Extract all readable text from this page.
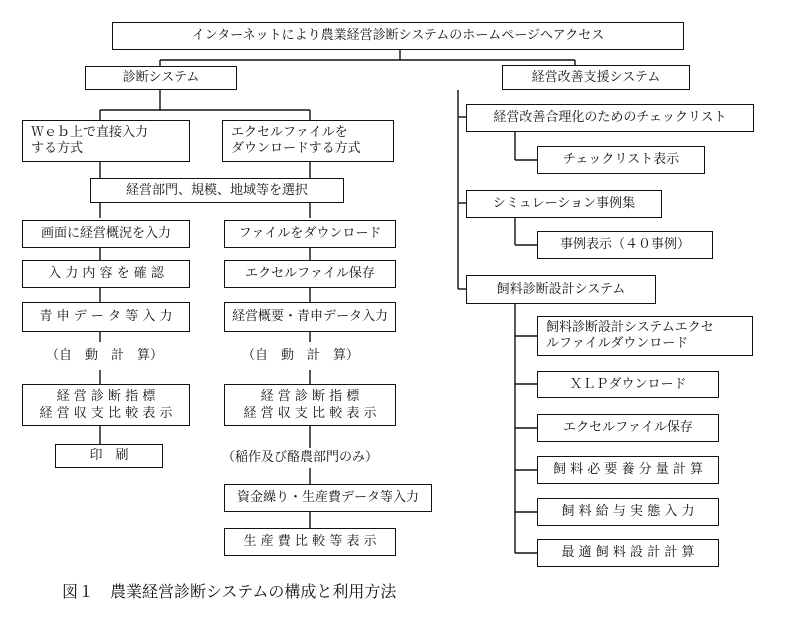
インターネットにより農業経営診断システムのホームページへアクセス
診断システム
Ｗｅｂ上で直接入力する方式
エクセルファイルを
ダウンロードする方式
経営部門、規模、地域等を選択
画面に経営概況を入力
入 力 内 容 を 確 認
青 申 デ ー タ 等 入 力
（自　動　計　算）
経 営 診 断 指 標
経 営 収 支 比 較 表 示
印　刷
ファイルをダウンロード
エクセルファイル保存
経営概要・青申データ入力
（自　動　計　算）
経 営 診 断 指 標
経 営 収 支 比 較 表 示
（稲作及び酪農部門のみ）
資金繰り・生産費データ等入力
生 産 費 比 較 等 表 示
経営改善支援システム
経営改善合理化のためのチェックリスト
チェックリスト表示
シミュレーション事例集
事例表示（４０事例）
飼料診断設計システム
飼料診断設計システムエクセ
ルファイルダウンロード
ＸＬＰダウンロード
エクセルファイル保存
飼 料 必 要 養 分 量 計 算
飼 料 給 与 実 態 入 力
最 適 飼 料 設 計 計 算
図１　農業経営診断システムの構成と利用方法
